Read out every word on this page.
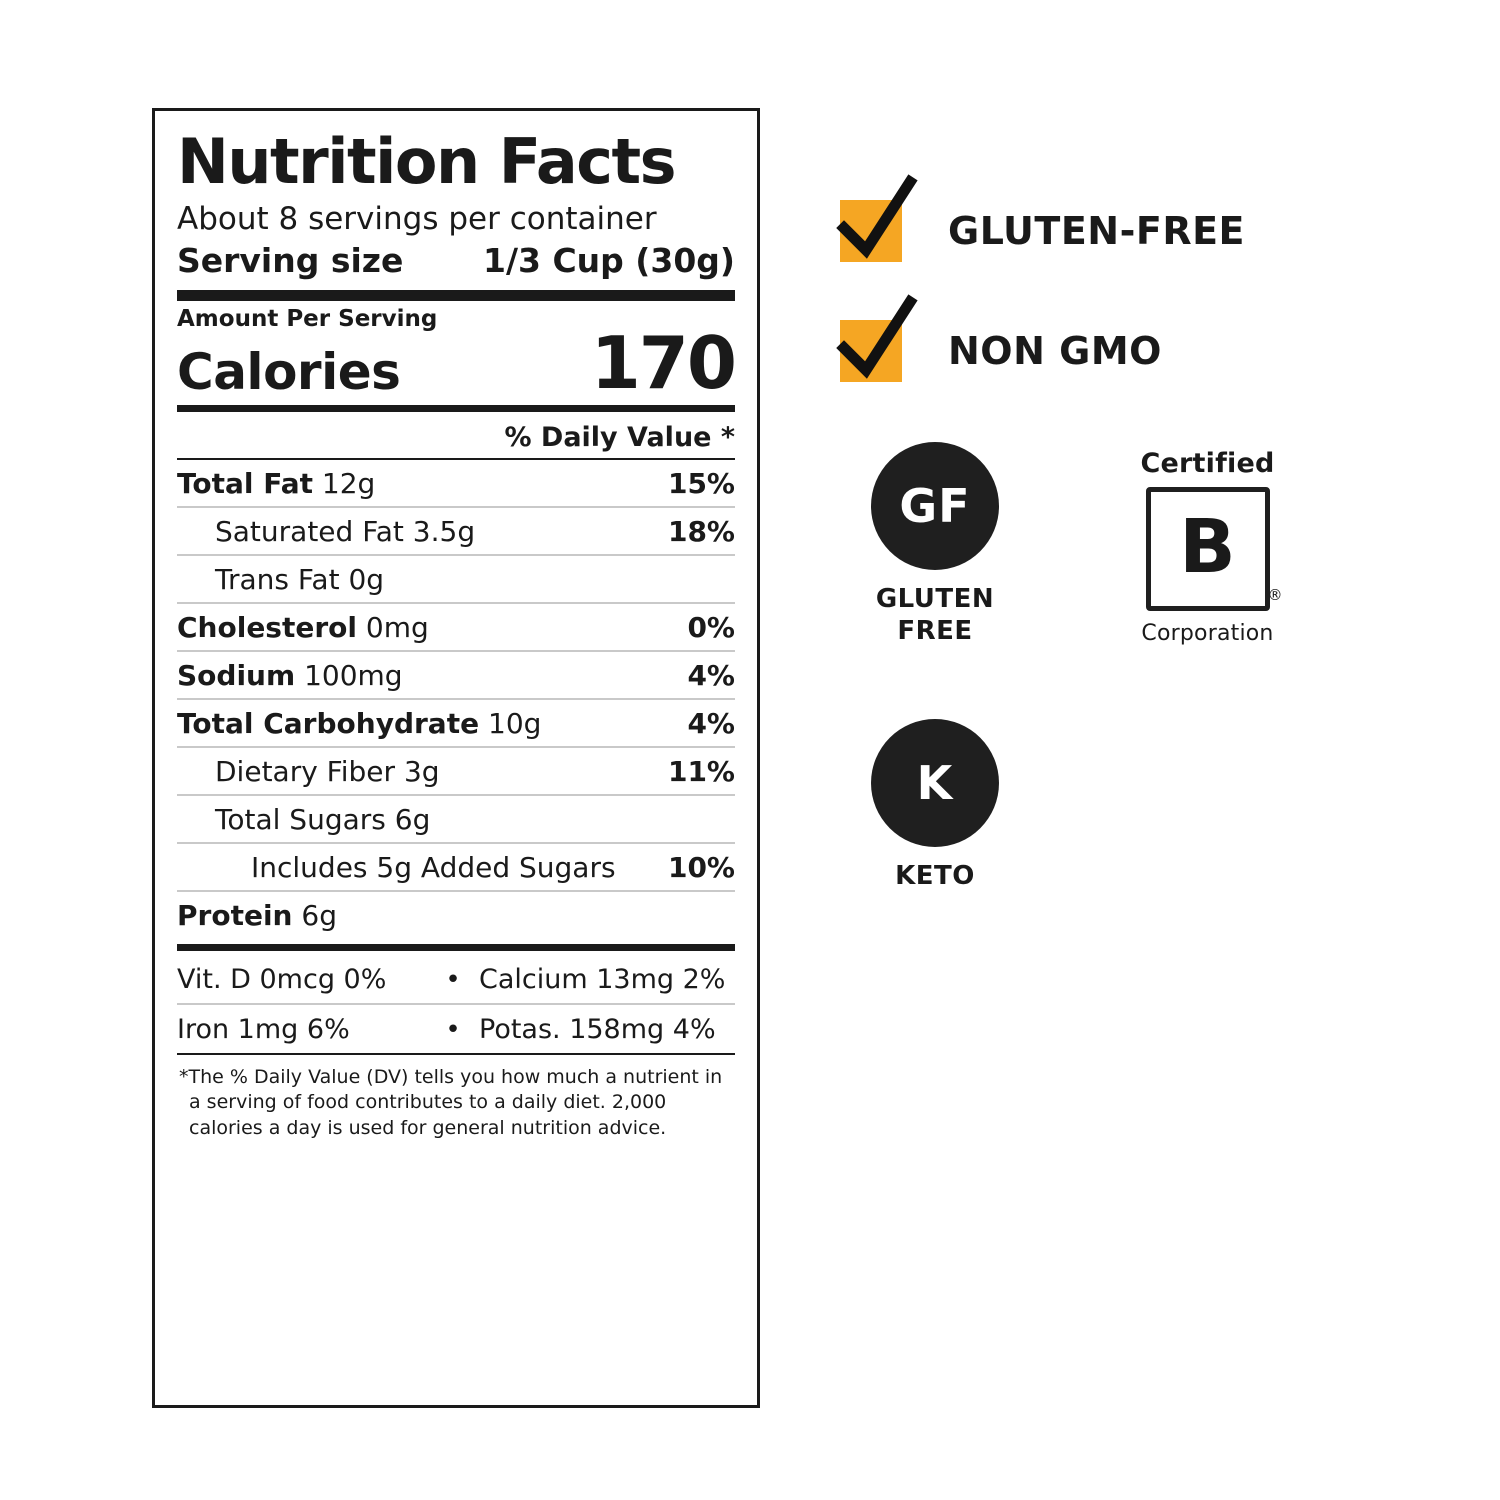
Nutrition Facts
About 8 servings per container
Serving size 1/3 Cup (30g)
Amount Per Serving
Calories	170
% Daily Value *
Total Fat 12g	15%
Saturated Fat 3.5g	18%
Trans Fat 0g
Cholesterol 0mg	0%
Sodium 100mg	4%
Total Carbohydrate 10g	4%
Dietary Fiber 3g	11%
Total Sugars 6g
Includes 5g Added Sugars 10%
Protein 6g
Vit. D 0mcg 0%	• Calcium 13mg 2%
Iron 1mg 6%	• Potas. 158mg 4%
*The % Daily Value (DV) tells you how much a nutrient in a serving of food contributes to a daily diet. 2,000 calories a day is used for general nutrition advice.
GLUTEN-FREE
NON GMO
GF
GLUTEN
FREE
Certified
B
®
Corporation
K
KETO
